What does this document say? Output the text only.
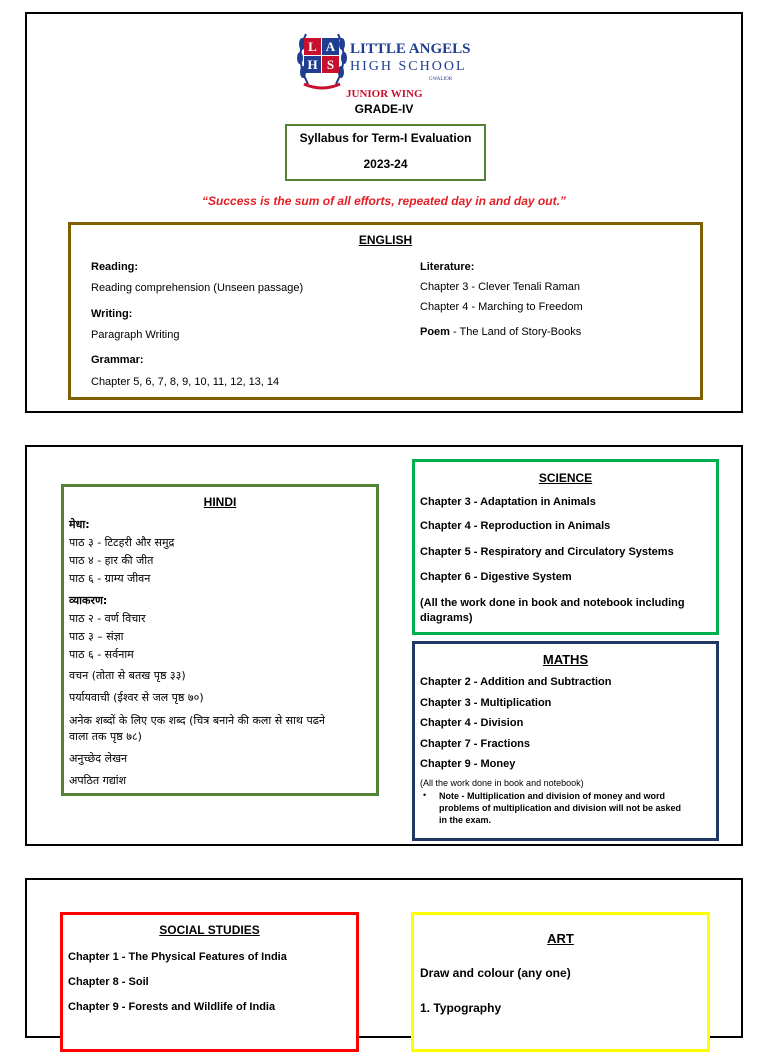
L A
H S
LITTLE ANGELS
HIGH SCHOOL
GWALIOR
JUNIOR WING
GRADE-IV
Syllabus for Term-I Evaluation
2023-24
“Success is the sum of all efforts, repeated day in and day out.”
ENGLISH
Reading:
Reading comprehension (Unseen passage)
Writing:
Paragraph Writing
Grammar:
Chapter 5, 6, 7, 8, 9, 10, 11, 12, 13, 14
Literature:
Chapter 3 - Clever Tenali Raman
Chapter 4 - Marching to Freedom
Poem - The Land of Story-Books
HINDI
मेधा:
पाठ ३ - टिटहरी और समुद्र
पाठ ४ - हार की जीत
पाठ ६ - ग्राम्य जीवन
व्याकरण:
पाठ २ - वर्ण विचार
पाठ ३ – संज्ञा
पाठ ६ - सर्वनाम
वचन (तोता से बतख पृष्ठ ३३)
पर्यायवाची (ईश्वर से जल पृष्ठ ७०)
अनेक शब्दों के लिए एक शब्द (चित्र बनाने की कला से साथ पढने
वाला तक पृष्ठ ७८)
अनुच्छेद लेखन
अपठित गद्यांश
SCIENCE
Chapter 3 - Adaptation in Animals
Chapter 4 - Reproduction in Animals
Chapter 5 - Respiratory and Circulatory Systems
Chapter 6 - Digestive System
(All the work done in book and notebook including
diagrams)
MATHS
Chapter 2 - Addition and Subtraction
Chapter 3 - Multiplication
Chapter 4 - Division
Chapter 7 - Fractions
Chapter 9 - Money
(All the work done in book and notebook)
• Note - Multiplication and division of money and word
problems of multiplication and division will not be asked
in the exam.
SOCIAL STUDIES
Chapter 1 - The Physical Features of India
Chapter 8 - Soil
Chapter 9 - Forests and Wildlife of India
ART
Draw and colour (any one)
1. Typography
